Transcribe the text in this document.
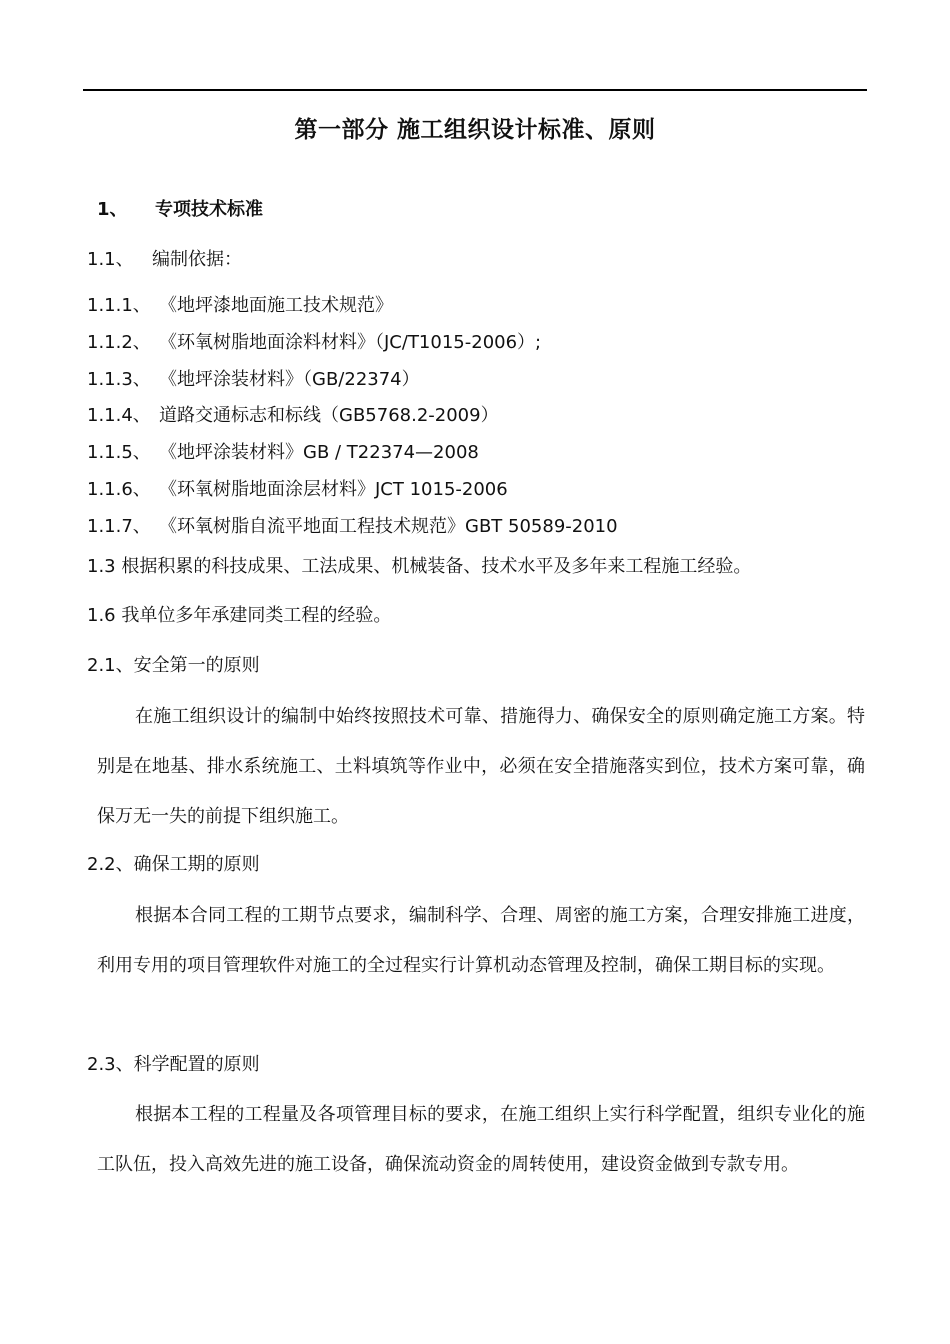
第一部分 施工组织设计标准、原则
1、 专项技术标准
1.1、 编制依据：
1.1.1、 《地坪漆地面施工技术规范》
1.1.2、 《环氧树脂地面涂料材料》（JC/T1015-2006）;
1.1.3、 《地坪涂装材料》（GB/22374）
1.1.4、 道路交通标志和标线（GB5768.2-2009）
1.1.5、 《地坪涂装材料》GB / T22374—2008
1.1.6、 《环氧树脂地面涂层材料》JCT 1015-2006
1.1.7、 《环氧树脂自流平地面工程技术规范》GBT 50589-2010
1.3 根据积累的科技成果、工法成果、机械装备、技术水平及多年来工程施工经验。
1.6 我单位多年承建同类工程的经验。
2.1、安全第一的原则

在施工组织设计的编制中始终按照技术可靠、措施得力、确保安全的原则确定施工方案。特别是在地基、排水系统施工、土料填筑等作业中，必须在安全措施落实到位，技术方案可靠，确保万无一失的前提下组织施工。

2.2、确保工期的原则

根据本合同工程的工期节点要求，编制科学、合理、周密的施工方案，合理安排施工进度，利用专用的项目管理软件对施工的全过程实行计算机动态管理及控制，确保工期目标的实现。

2.3、科学配置的原则

根据本工程的工程量及各项管理目标的要求，在施工组织上实行科学配置，组织专业化的施工队伍，投入高效先进的施工设备，确保流动资金的周转使用，建设资金做到专款专用。
